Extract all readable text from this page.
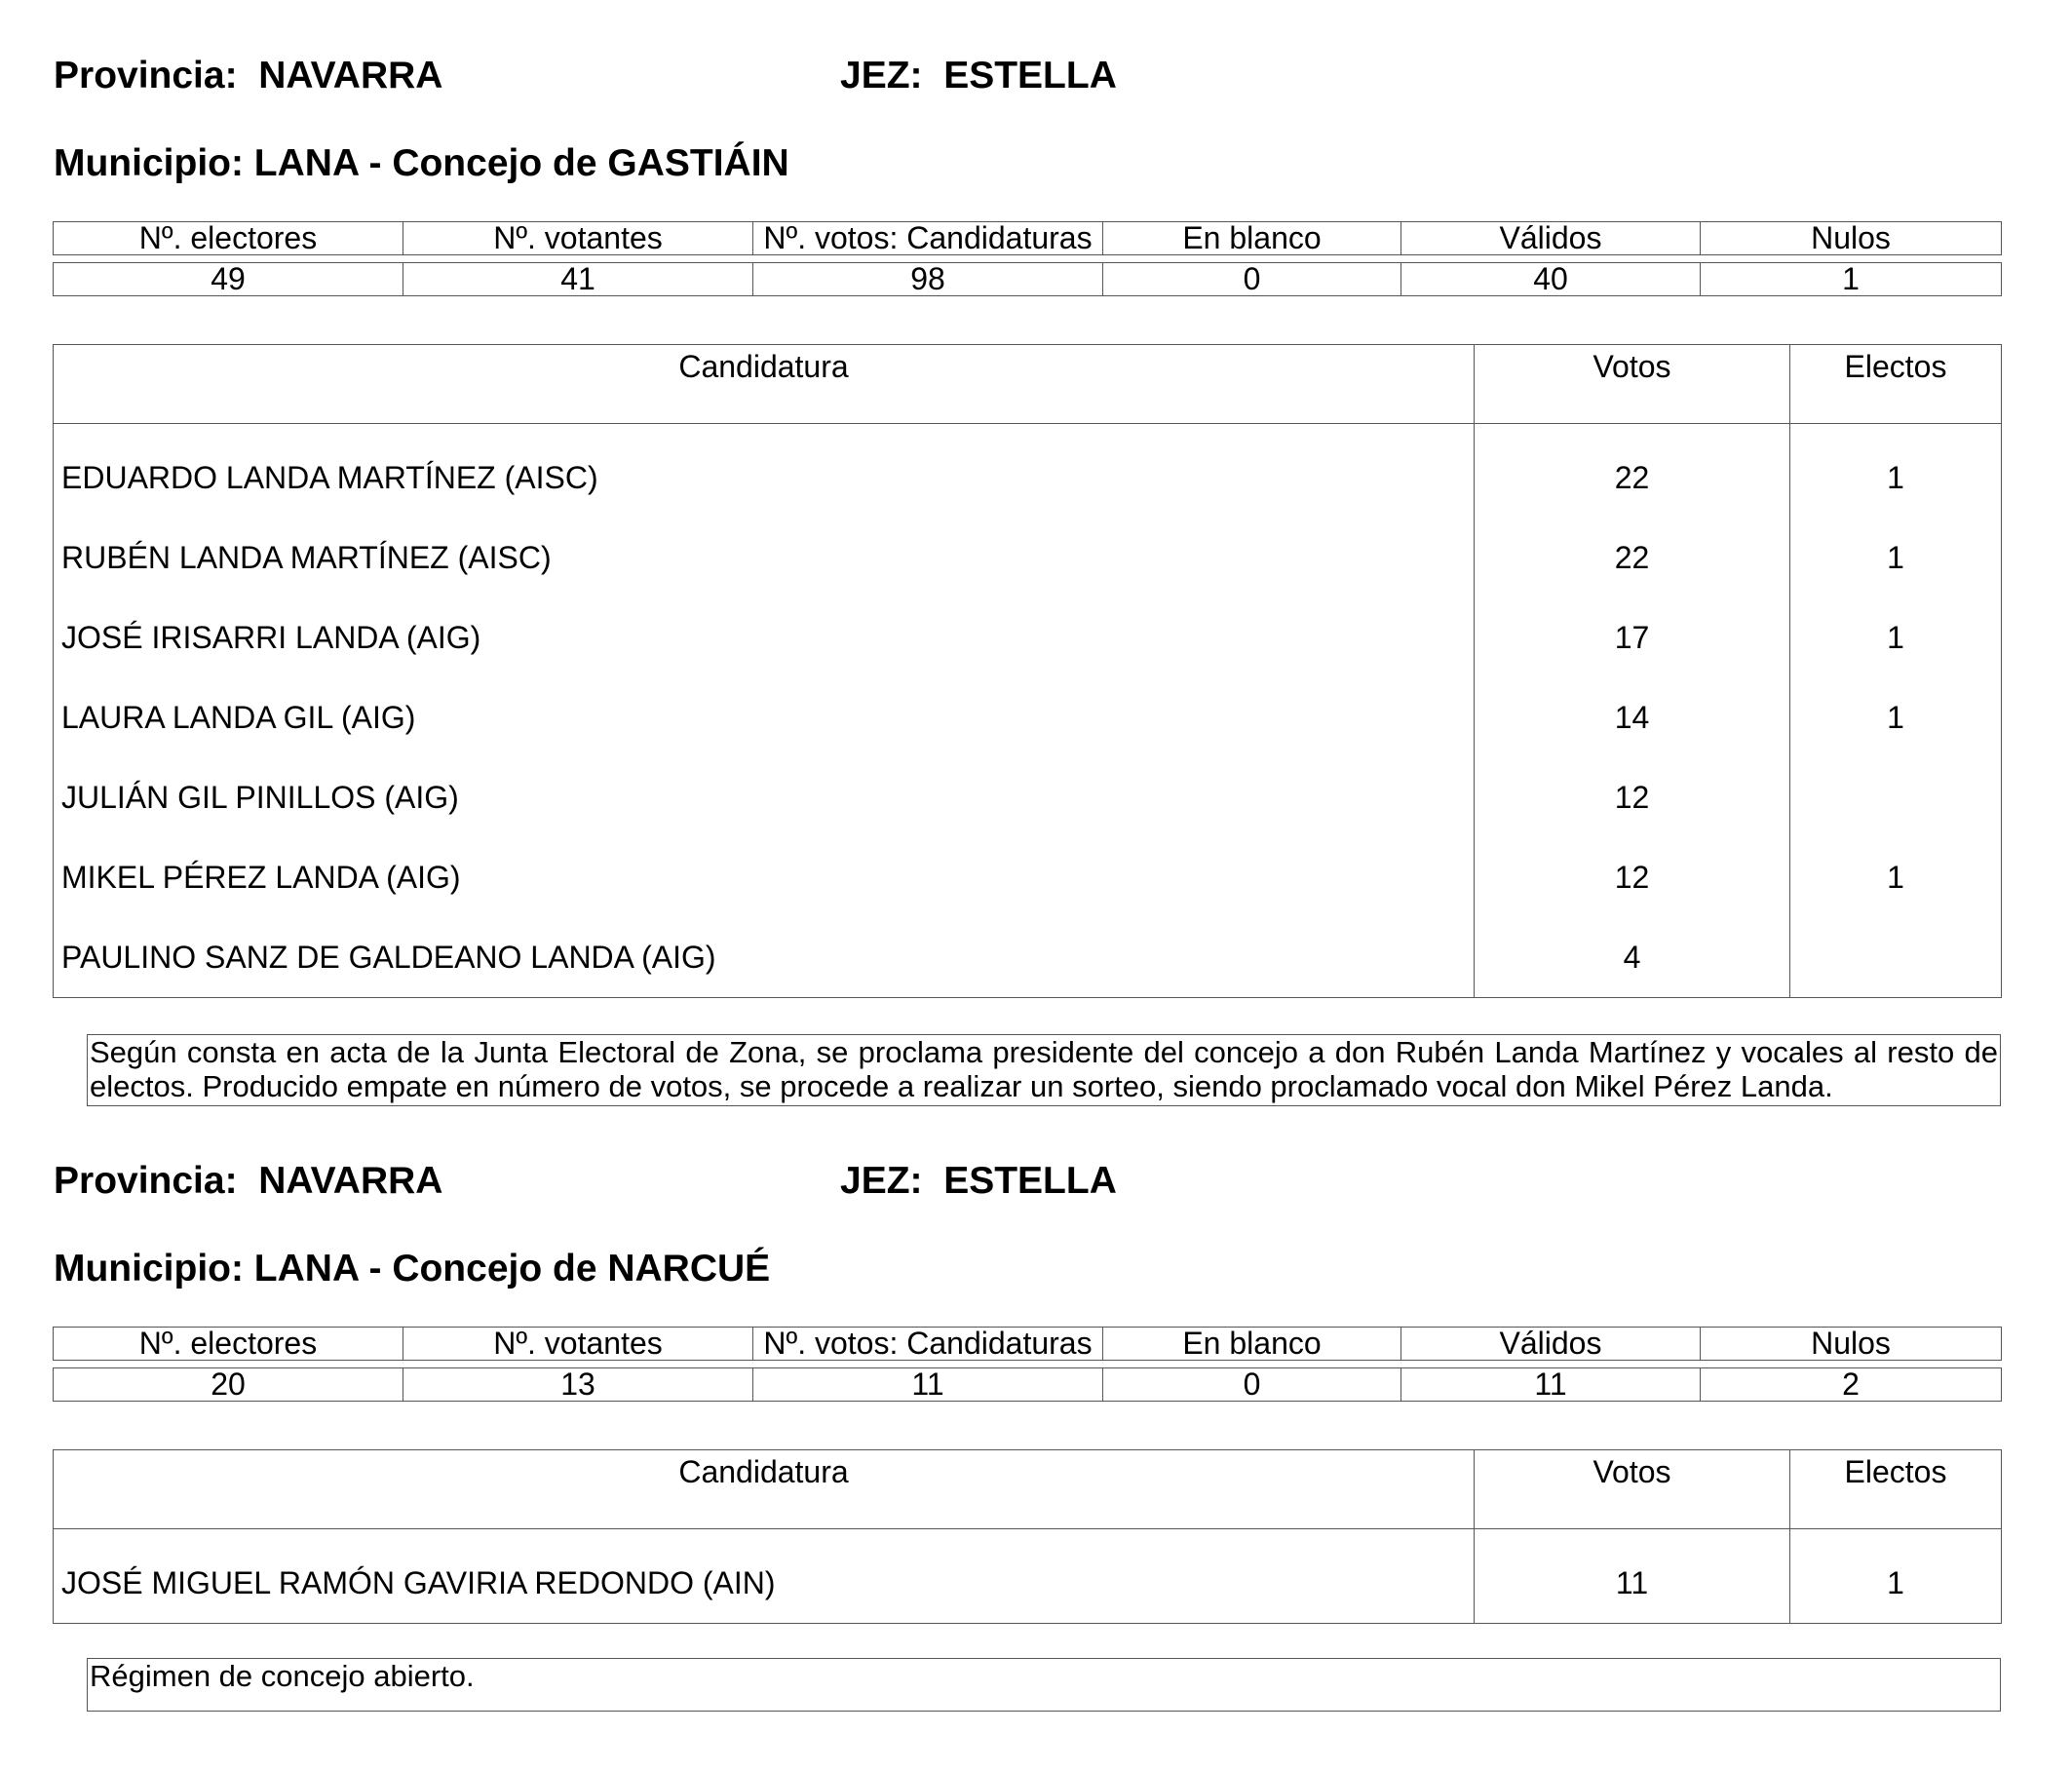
Provincia: NAVARRA	JEZ: ESTELLA
Municipio: LANA - Concejo de GASTIÁIN
Nº. electores	Nº. votantes	Nº. votos: Candidaturas	En blanco	Válidos	Nulos
49	41	98	0	40	1
Candidatura	Votos	Electos
EDUARDO LANDA MARTÍNEZ (AISC)	22	1
RUBÉN LANDA MARTÍNEZ (AISC)	22	1
JOSÉ IRISARRI LANDA (AIG)	17	1
LAURA LANDA GIL (AIG)	14	1
JULIÁN GIL PINILLOS (AIG)	12	
MIKEL PÉREZ LANDA (AIG)	12	1
PAULINO SANZ DE GALDEANO LANDA (AIG)	4	
Según consta en acta de la Junta Electoral de Zona, se proclama presidente del concejo a don Rubén Landa Martínez y vocales al resto de electos. Producido empate en número de votos, se procede a realizar un sorteo, siendo proclamado vocal don Mikel Pérez Landa.
Provincia: NAVARRA	JEZ: ESTELLA
Municipio: LANA - Concejo de NARCUÉ
Nº. electores	Nº. votantes	Nº. votos: Candidaturas	En blanco	Válidos	Nulos
20	13	11	0	11	2
Candidatura	Votos	Electos
JOSÉ MIGUEL RAMÓN GAVIRIA REDONDO (AIN)	11	1
Régimen de concejo abierto.
